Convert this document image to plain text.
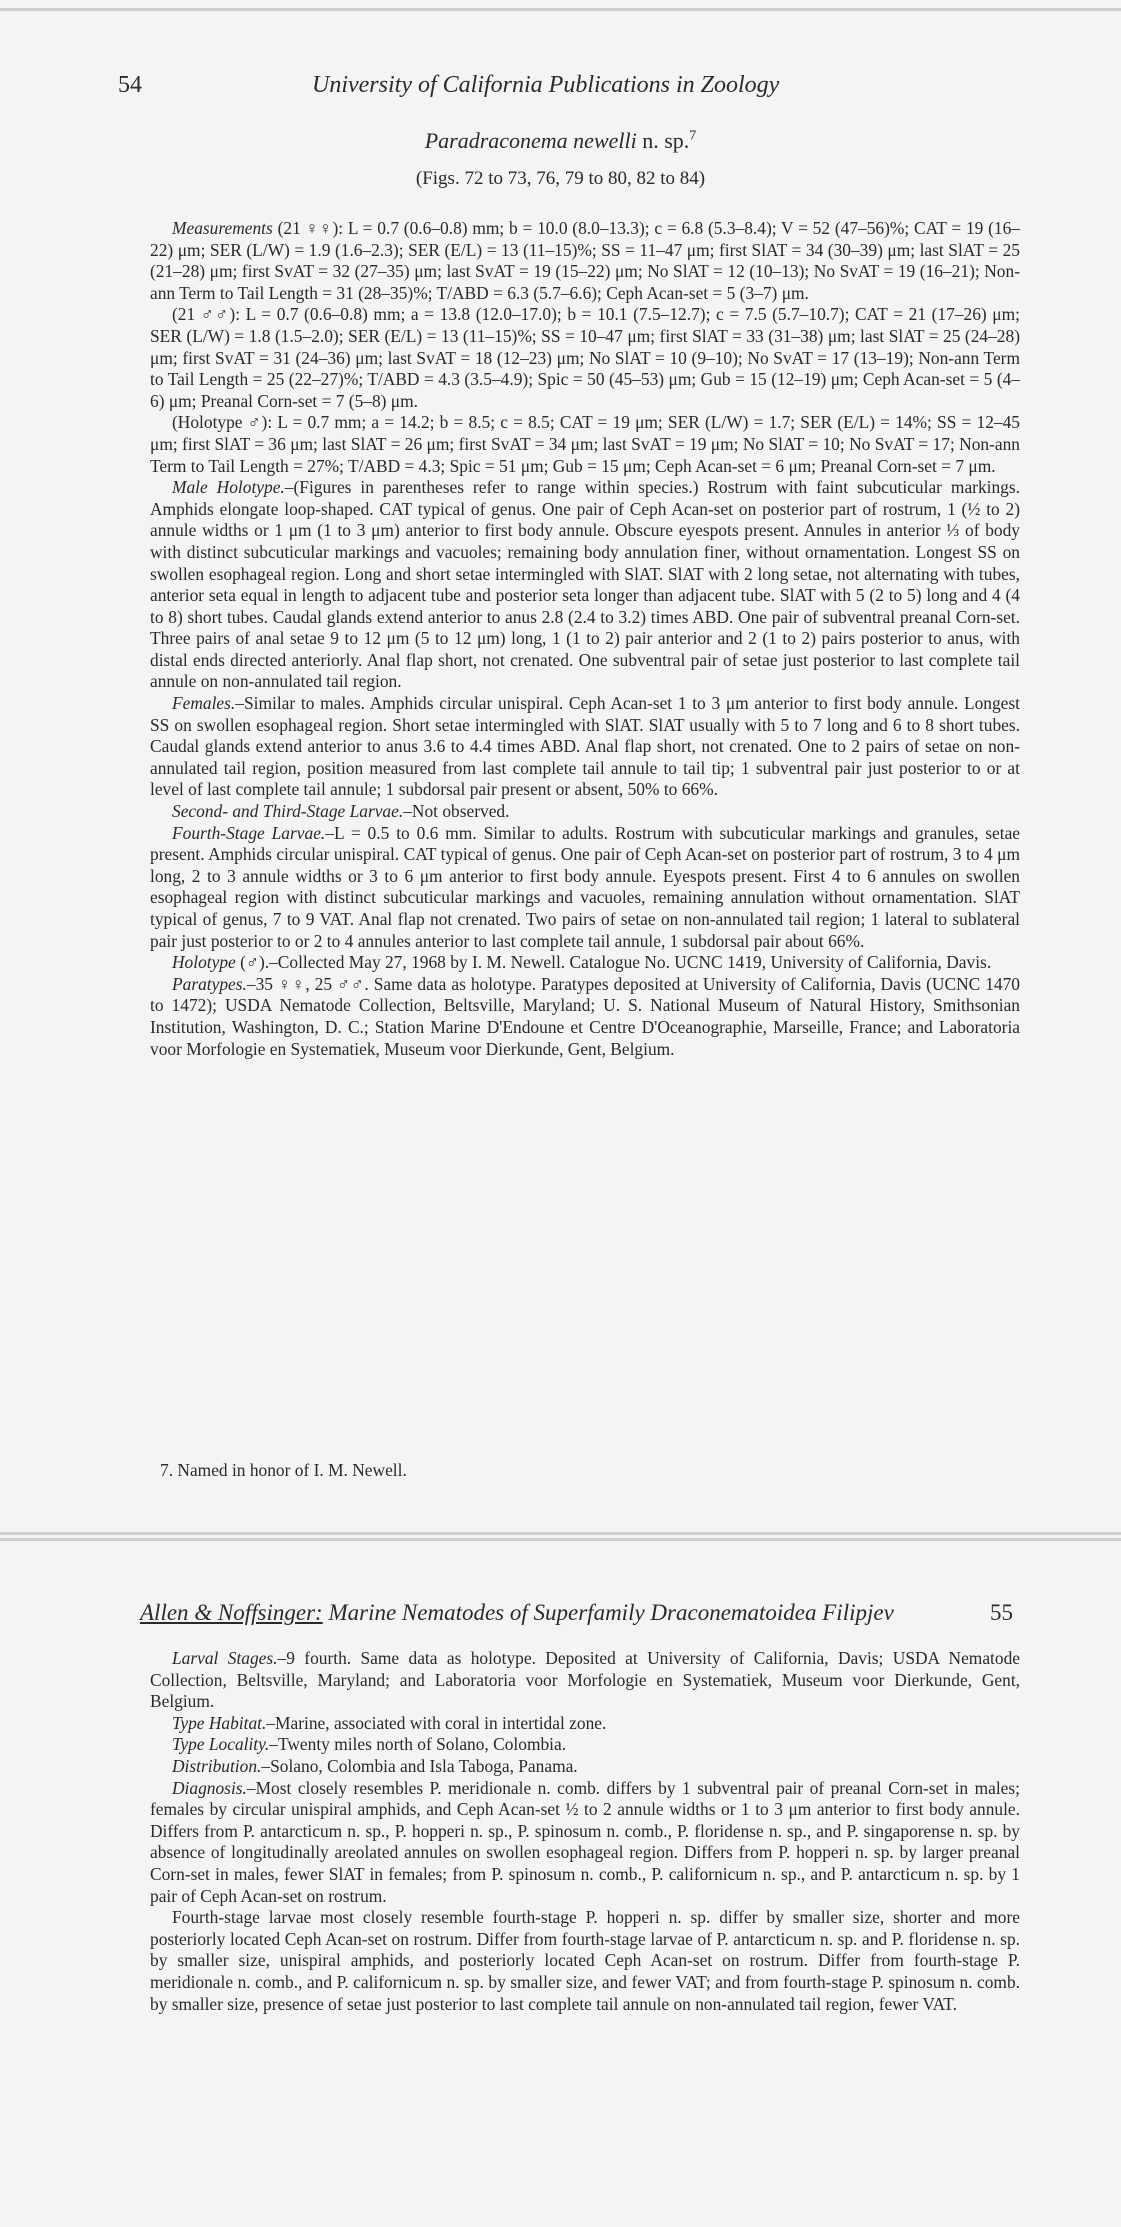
54	University of California Publications in Zoology
Paradraconema newelli n. sp.$^7$
(Figs. 72 to 73, 76, 79 to 80, 82 to 84)

Measurements (21 ♀♀): L = 0.7 (0.6–0.8) mm; b = 10.0 (8.0–13.3); c = 6.8 (5.3–8.4); V = 52 (47–56)%; CAT = 19 (16–22) μm; SER (L/W) = 1.9 (1.6–2.3); SER (E/L) = 13 (11–15)%; SS = 11–47 μm; first SlAT = 34 (30–39) μm; last SlAT = 25 (21–28) μm; first SvAT = 32 (27–35) μm; last SvAT = 19 (15–22) μm; No SlAT = 12 (10–13); No SvAT = 19 (16–21); Non-ann Term to Tail Length = 31 (28–35)%; T/ABD = 6.3 (5.7–6.6); Ceph Acan-set = 5 (3–7) μm.

(21 ♂♂): L = 0.7 (0.6–0.8) mm; a = 13.8 (12.0–17.0); b = 10.1 (7.5–12.7); c = 7.5 (5.7–10.7); CAT = 21 (17–26) μm; SER (L/W) = 1.8 (1.5–2.0); SER (E/L) = 13 (11–15)%; SS = 10–47 μm; first SlAT = 33 (31–38) μm; last SlAT = 25 (24–28) μm; first SvAT = 31 (24–36) μm; last SvAT = 18 (12–23) μm; No SlAT = 10 (9–10); No SvAT = 17 (13–19); Non-ann Term to Tail Length = 25 (22–27)%; T/ABD = 4.3 (3.5–4.9); Spic = 50 (45–53) μm; Gub = 15 (12–19) μm; Ceph Acan-set = 5 (4–6) μm; Preanal Corn-set = 7 (5–8) μm.

(Holotype ♂): L = 0.7 mm; a = 14.2; b = 8.5; c = 8.5; CAT = 19 μm; SER (L/W) = 1.7; SER (E/L) = 14%; SS = 12–45 μm; first SlAT = 36 μm; last SlAT = 26 μm; first SvAT = 34 μm; last SvAT = 19 μm; No SlAT = 10; No SvAT = 17; Non-ann Term to Tail Length = 27%; T/ABD = 4.3; Spic = 51 μm; Gub = 15 μm; Ceph Acan-set = 6 μm; Preanal Corn-set = 7 μm.

Male Holotype.–(Figures in parentheses refer to range within species.) Rostrum with faint subcuticular markings. Amphids elongate loop-shaped. CAT typical of genus. One pair of Ceph Acan-set on posterior part of rostrum, 1 (½ to 2) annule widths or 1 μm (1 to 3 μm) anterior to first body annule. Obscure eyespots present. Annules in anterior ⅓ of body with distinct subcuticular markings and vacuoles; remaining body annulation finer, without ornamentation. Longest SS on swollen esophageal region. Long and short setae intermingled with SlAT. SlAT with 2 long setae, not alternating with tubes, anterior seta equal in length to adjacent tube and posterior seta longer than adjacent tube. SlAT with 5 (2 to 5) long and 4 (4 to 8) short tubes. Caudal glands extend anterior to anus 2.8 (2.4 to 3.2) times ABD. One pair of subventral preanal Corn-set. Three pairs of anal setae 9 to 12 μm (5 to 12 μm) long, 1 (1 to 2) pair anterior and 2 (1 to 2) pairs posterior to anus, with distal ends directed anteriorly. Anal flap short, not crenated. One subventral pair of setae just posterior to last complete tail annule on non-annulated tail region.

Females.–Similar to males. Amphids circular unispiral. Ceph Acan-set 1 to 3 μm anterior to first body annule. Longest SS on swollen esophageal region. Short setae intermingled with SlAT. SlAT usually with 5 to 7 long and 6 to 8 short tubes. Caudal glands extend anterior to anus 3.6 to 4.4 times ABD. Anal flap short, not crenated. One to 2 pairs of setae on non-annulated tail region, position measured from last complete tail annule to tail tip; 1 subventral pair just posterior to or at level of last complete tail annule; 1 subdorsal pair present or absent, 50% to 66%.

Second- and Third-Stage Larvae.–Not observed.

Fourth-Stage Larvae.–L = 0.5 to 0.6 mm. Similar to adults. Rostrum with subcuticular markings and granules, setae present. Amphids circular unispiral. CAT typical of genus. One pair of Ceph Acan-set on posterior part of rostrum, 3 to 4 μm long, 2 to 3 annule widths or 3 to 6 μm anterior to first body annule. Eyespots present. First 4 to 6 annules on swollen esophageal region with distinct subcuticular markings and vacuoles, remaining annulation without ornamentation. SlAT typical of genus, 7 to 9 VAT. Anal flap not crenated. Two pairs of setae on non-annulated tail region; 1 lateral to sublateral pair just posterior to or 2 to 4 annules anterior to last complete tail annule, 1 subdorsal pair about 66%.

Holotype (♂).–Collected May 27, 1968 by I. M. Newell. Catalogue No. UCNC 1419, University of California, Davis.

Paratypes.–35 ♀♀, 25 ♂♂. Same data as holotype. Paratypes deposited at University of California, Davis (UCNC 1470 to 1472); USDA Nematode Collection, Beltsville, Maryland; U. S. National Museum of Natural History, Smithsonian Institution, Washington, D. C.; Station Marine D'Endoune et Centre D'Oceanographie, Marseille, France; and Laboratoria voor Morfologie en Systematiek, Museum voor Dierkunde, Gent, Belgium.

7. Named in honor of I. M. Newell.
Allen & Noffsinger: Marine Nematodes of Superfamily Draconematoidea Filipjev	55

Larval Stages.–9 fourth. Same data as holotype. Deposited at University of California, Davis; USDA Nematode Collection, Beltsville, Maryland; and Laboratoria voor Morfologie en Systematiek, Museum voor Dierkunde, Gent, Belgium.

Type Habitat.–Marine, associated with coral in intertidal zone.

Type Locality.–Twenty miles north of Solano, Colombia.

Distribution.–Solano, Colombia and Isla Taboga, Panama.

Diagnosis.–Most closely resembles P. meridionale n. comb. differs by 1 subventral pair of preanal Corn-set in males; females by circular unispiral amphids, and Ceph Acan-set ½ to 2 annule widths or 1 to 3 μm anterior to first body annule. Differs from P. antarcticum n. sp., P. hopperi n. sp., P. spinosum n. comb., P. floridense n. sp., and P. singaporense n. sp. by absence of longitudinally areolated annules on swollen esophageal region. Differs from P. hopperi n. sp. by larger preanal Corn-set in males, fewer SlAT in females; from P. spinosum n. comb., P. californicum n. sp., and P. antarcticum n. sp. by 1 pair of Ceph Acan-set on rostrum.

Fourth-stage larvae most closely resemble fourth-stage P. hopperi n. sp. differ by smaller size, shorter and more posteriorly located Ceph Acan-set on rostrum. Differ from fourth-stage larvae of P. antarcticum n. sp. and P. floridense n. sp. by smaller size, unispiral amphids, and posteriorly located Ceph Acan-set on rostrum. Differ from fourth-stage P. meridionale n. comb., and P. californicum n. sp. by smaller size, and fewer VAT; and from fourth-stage P. spinosum n. comb. by smaller size, presence of setae just posterior to last complete tail annule on non-annulated tail region, fewer VAT.
